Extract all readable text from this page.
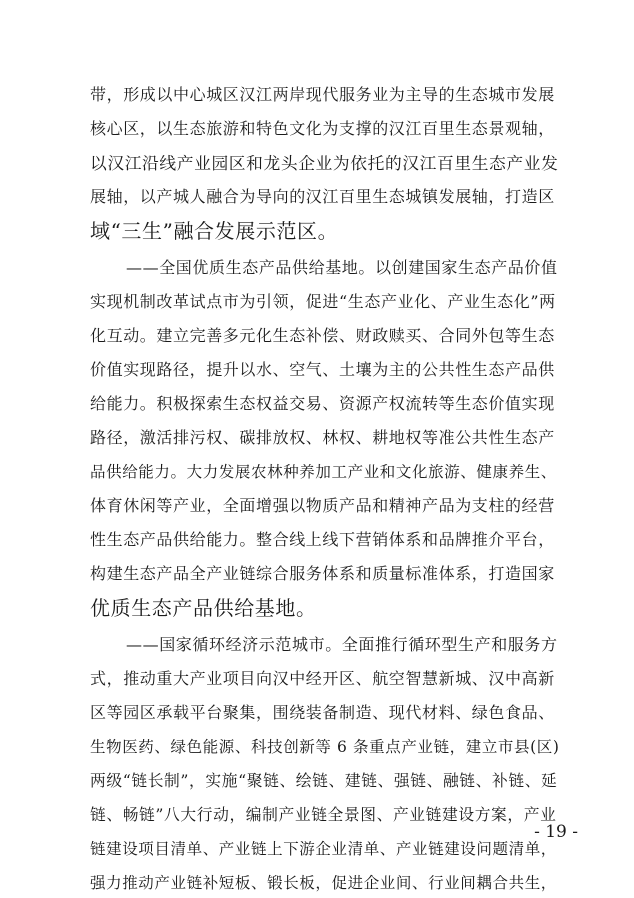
带，形成以中心城区汉江两岸现代服务业为主导的生态城市发展
核心区，以生态旅游和特色文化为支撑的汉江百里生态景观轴，
以汉江沿线产业园区和龙头企业为依托的汉江百里生态产业发
展轴，以产城人融合为导向的汉江百里生态城镇发展轴，打造区
域“三生”融合发展示范区。
——全国优质生态产品供给基地。以创建国家生态产品价值
实现机制改革试点市为引领，促进“生态产业化、产业生态化”两
化互动。建立完善多元化生态补偿、财政赎买、合同外包等生态
价值实现路径，提升以水、空气、土壤为主的公共性生态产品供
给能力。积极探索生态权益交易、资源产权流转等生态价值实现
路径，激活排污权、碳排放权、林权、耕地权等准公共性生态产
品供给能力。大力发展农林种养加工产业和文化旅游、健康养生、
体育休闲等产业，全面增强以物质产品和精神产品为支柱的经营
性生态产品供给能力。整合线上线下营销体系和品牌推介平台，
构建生态产品全产业链综合服务体系和质量标准体系，打造国家
优质生态产品供给基地。
——国家循环经济示范城市。全面推行循环型生产和服务方
式，推动重大产业项目向汉中经开区、航空智慧新城、汉中高新
区等园区承载平台聚集，围绕装备制造、现代材料、绿色食品、
生物医药、绿色能源、科技创新等 6 条重点产业链，建立市县(区)
两级“链长制”，实施“聚链、绘链、建链、强链、融链、补链、延
链、畅链”八大行动，编制产业链全景图、产业链建设方案，产业
链建设项目清单、产业链上下游企业清单、产业链建设问题清单，
强力推动产业链补短板、锻长板，促进企业间、行业间耦合共生，
- 19 -
